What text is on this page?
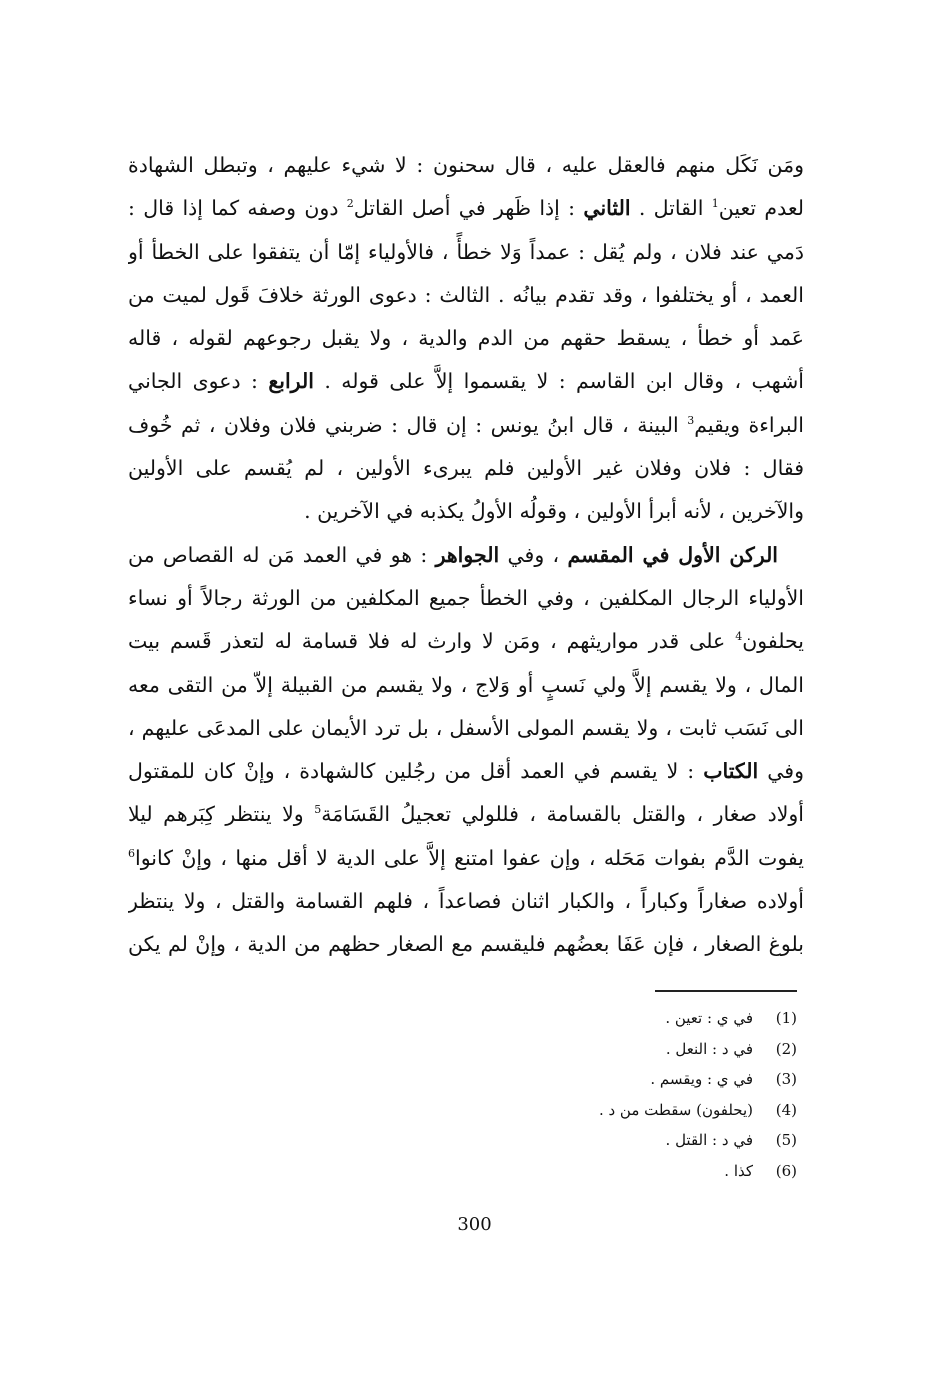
ومَن نَكَل منهم فالعقل عليه ، قال سحنون : لا شيء عليهم ، وتبطل الشهادة
لعدم تعين$^1$ القاتل . الثاني : إذا ظَهر في أصل القاتل$^2$ دون وصفه كما إذا قال :
دَمي عند فلان ، ولم يُقل : عمداً وَلا خطأً ، فالأولياء إمّا أن يتفقوا على الخطأ أو
العمد ، أو يختلفوا ، وقد تقدم بيانُه . الثالث : دعوى الورثة خلافَ قَول لميت من
عَمد أو خطأ ، يسقط حقهم من الدم والدية ، ولا يقبل رجوعهم لقوله ، قاله
أشهب ، وقال ابن القاسم : لا يقسموا إلاَّ على قوله . الرابع : دعوى الجاني
البراءة ويقيم$^3$ البينة ، قال ابنُ يونس : إن قال : ضربني فلان وفلان ، ثم خُوف
فقال : فلان وفلان غير الأولين فلم يبرىء الأولين ، لم يُقسم على الأولين
والآخرين ، لأنه أبرأ الأولين ، وقولُه الأولُ يكذبه في الآخرين .
الركن الأول في المقسم ، وفي الجواهر : هو في العمد مَن له القصاص من
الأولياء الرجال المكلفين ، وفي الخطأ جميع المكلفين من الورثة رجالاً أو نساء
يحلفون$^4$ على قدر مواريثهم ، ومَن لا وارث له فلا قسامة له لتعذر قَسم بيت
المال ، ولا يقسم إلاَّ ولي نَسبٍ أو وَلاج ، ولا يقسم من القبيلة إلاّ من التقى معه
الى نَسَب ثابت ، ولا يقسم المولى الأسفل ، بل ترد الأيمان على المدعَى عليهم ،
وفي الكتاب : لا يقسم في العمد أقل من رجُلين كالشهادة ، وإنْ كان للمقتول
أولاد صغار ، والقتل بالقسامة ، فللولي تعجيلُ القَسَامَة$^5$ ولا ينتظر كِبَرهم ليلا
يفوت الدَّم بفوات مَحَله ، وإن عفوا امتنع إلاَّ على الدية لا أقل منها ، وإنْ كانوا$^6$
أولاده صغاراً وكباراً ، والكبار اثنان فصاعداً ، فلهم القسامة والقتل ، ولا ينتظر
بلوغ الصغار ، فإن عَفَا بعضُهم فليقسم مع الصغار حظهم من الدية ، وإنْ لم يكن
(1)
في ي : تعين .
(2)
في د : النعل .
(3)
في ي : ويقسم .
(4)
(يحلفون) سقطت من د .
(5)
في د : القتل .
(6)
كذا .
300
